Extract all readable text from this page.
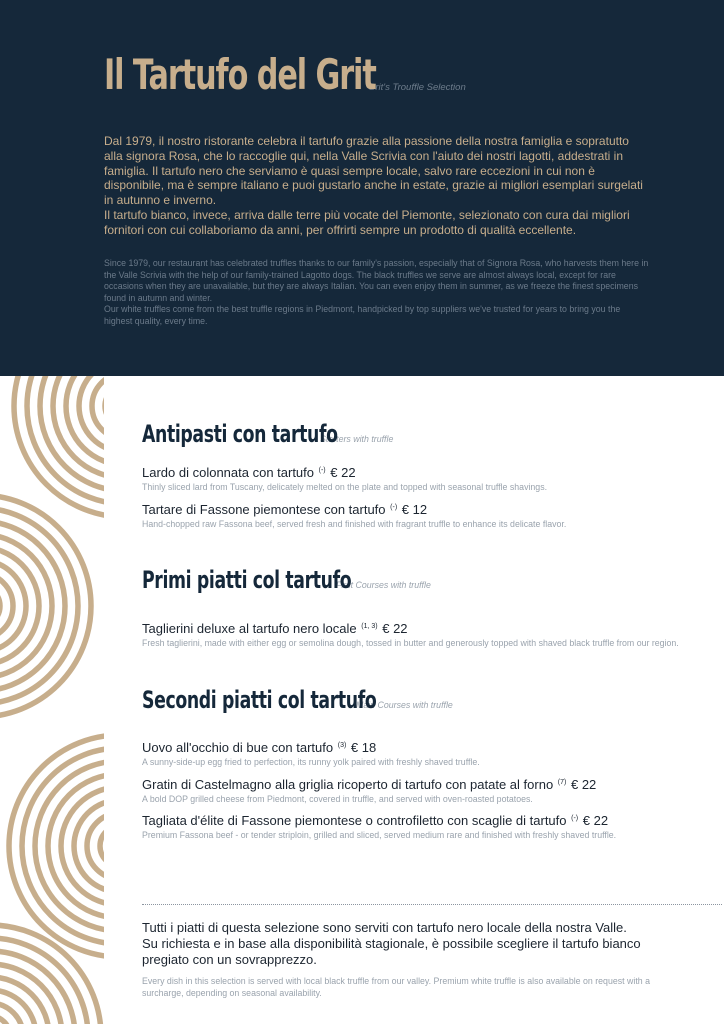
Il Tartufo del Grit
Grit's Trouffle Selection

Dal 1979, il nostro ristorante celebra il tartufo grazie alla passione della nostra famiglia e sopratutto alla signora Rosa, che lo raccoglie qui, nella Valle Scrivia con l'aiuto dei nostri lagotti, addestrati in famiglia. Il tartufo nero che serviamo è quasi sempre locale, salvo rare eccezioni in cui non è disponibile, ma è sempre italiano e puoi gustarlo anche in estate, grazie ai migliori esemplari surgelati in autunno e inverno.

Il tartufo bianco, invece, arriva dalle terre più vocate del Piemonte, selezionato con cura dai migliori fornitori con cui collaboriamo da anni, per offrirti sempre un prodotto di qualità eccellente.

Since 1979, our restaurant has celebrated truffles thanks to our family's passion, especially that of Signora Rosa, who harvests them here in the Valle Scrivia with the help of our family-trained Lagotto dogs. The black truffles we serve are almost always local, except for rare occasions when they are unavailable, but they are always Italian. You can even enjoy them in summer, as we freeze the finest specimens found in autumn and winter.

Our white truffles come from the best truffle regions in Piedmont, handpicked by top suppliers we've trusted for years to bring you the highest quality, every time.

Antipasti con tartufo
Starters with truffle
Lardo di colonnata con tartufo (-) € 22
Thinly sliced lard from Tuscany, delicately melted on the plate and topped with seasonal truffle shavings.
Tartare di Fassone piemontese con tartufo (-) € 12
Hand-chopped raw Fassona beef, served fresh and finished with fragrant truffle to enhance its delicate flavor.
Primi piatti col tartufo
First Courses with truffle
Taglierini deluxe al tartufo nero locale $^{(1, 3)}$ € 22
Fresh taglierini, made with either egg or semolina dough, tossed in butter and generously topped with shaved black truffle from our region.
Secondi piatti col tartufo
Main Courses with truffle
Uovo all'occhio di bue con tartufo $^{(3)}$ € 18
A sunny-side-up egg fried to perfection, its runny yolk paired with freshly shaved truffle.
Gratin di Castelmagno alla griglia ricoperto di tartufo con patate al forno $^{(7)}$ € 22
A bold DOP grilled cheese from Piedmont, covered in truffle, and served with oven-roasted potatoes.
Tagliata d'élite di Fassone piemontese o controfiletto con scaglie di tartufo (-) € 22
Premium Fassona beef - or tender striploin, grilled and sliced, served medium rare and finished with freshly shaved truffle.
Tutti i piatti di questa selezione sono serviti con tartufo nero locale della nostra Valle. Su richiesta e in base alla disponibilità stagionale, è possibile scegliere il tartufo bianco pregiato con un sovrapprezzo.
Every dish in this selection is served with local black truffle from our valley. Premium white truffle is also available on request with a surcharge, depending on seasonal availability.
